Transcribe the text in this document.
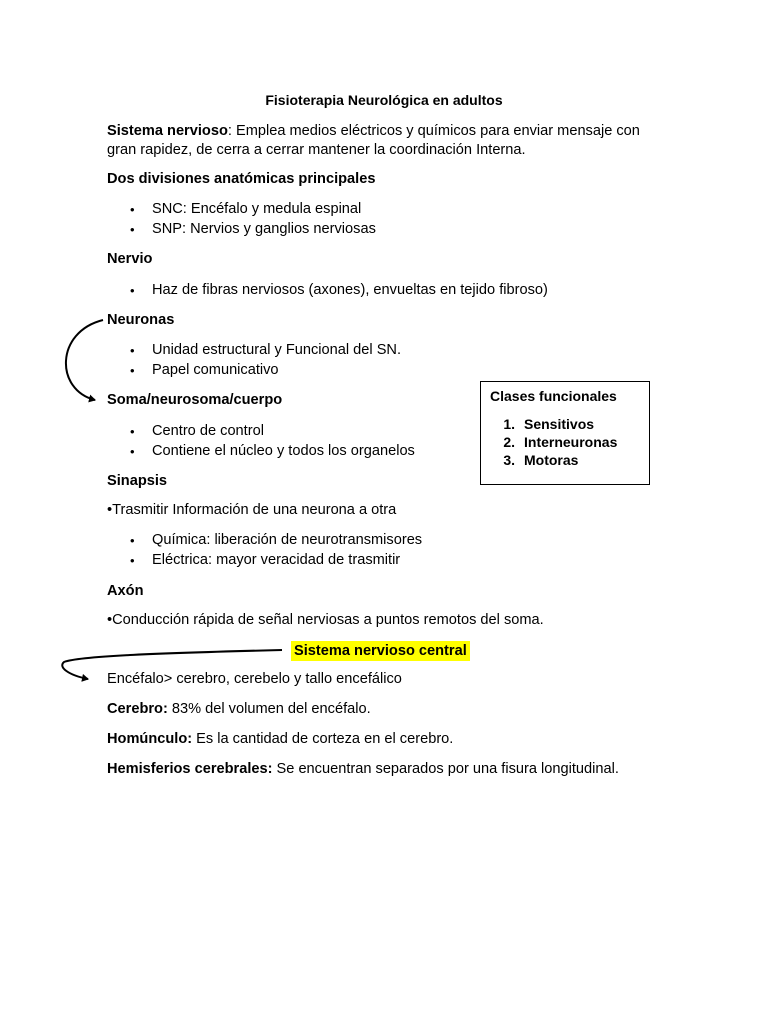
Fisioterapia Neurológica en adultos
Sistema nervioso: Emplea medios eléctricos y químicos para enviar mensaje con
gran rapidez, de cerra a cerrar mantener la coordinación Interna.
Dos divisiones anatómicas principales
• SNC: Encéfalo y medula espinal
• SNP: Nervios y ganglios nerviosas
Nervio
• Haz de fibras nerviosos (axones), envueltas en tejido fibroso)
Neuronas
• Unidad estructural y Funcional del SN.
• Papel comunicativo
Soma/neurosoma/cuerpo
• Centro de control
• Contiene el núcleo y todos los organelos
Clases funcionales
1. Sensitivos
2. Interneuronas
3. Motoras
Sinapsis
•Trasmitir Información de una neurona a otra
• Química: liberación de neurotransmisores
• Eléctrica: mayor veracidad de trasmitir
Axón
•Conducción rápida de señal nerviosas a puntos remotos del soma.
Sistema nervioso central
Encéfalo> cerebro, cerebelo y tallo encefálico
Cerebro: 83% del volumen del encéfalo.
Homúnculo: Es la cantidad de corteza en el cerebro.
Hemisferios cerebrales: Se encuentran separados por una fisura longitudinal.
